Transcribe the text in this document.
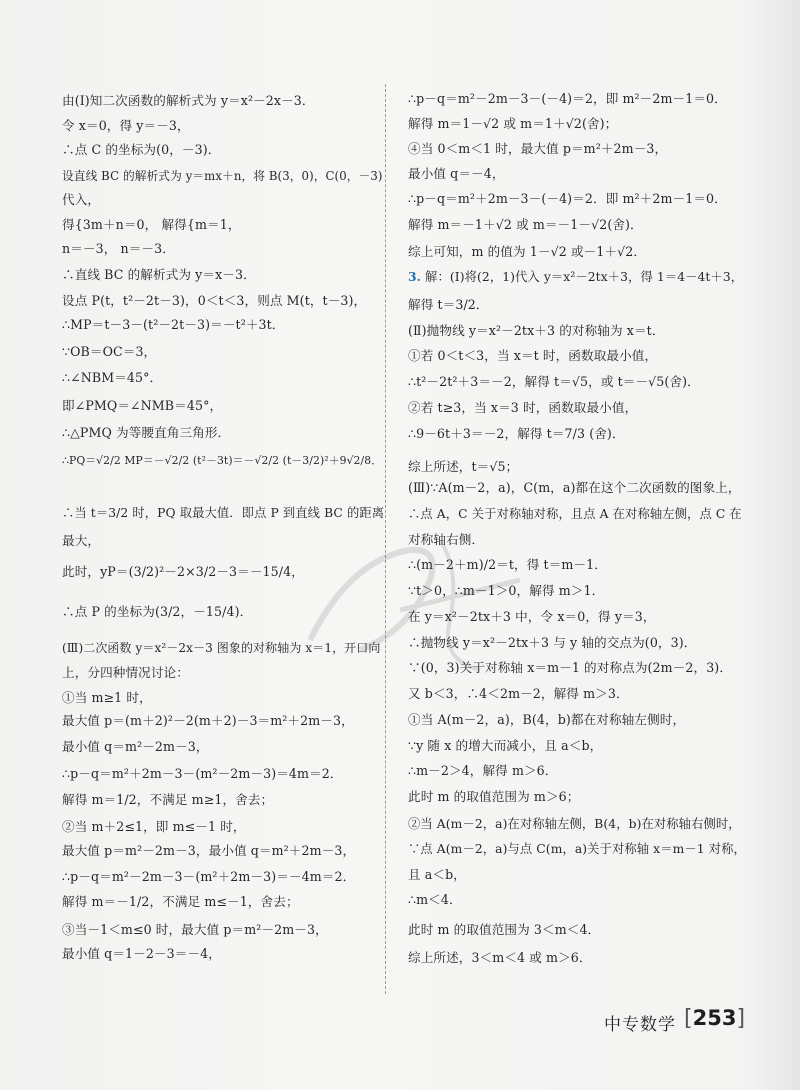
由(Ⅰ)知二次函数的解析式为 y＝x²－2x－3．
令 x＝0，得 y＝－3，
∴点 C 的坐标为(0，－3)．
设直线 BC 的解析式为 y＝mx＋n，将 B(3，0)，C(0，－3)
代入，
得{3m＋n＝0， 解得{m＝1，
n＝－3， n＝－3．
∴直线 BC 的解析式为 y＝x－3．
设点 P(t，t²－2t－3)，0＜t＜3，则点 M(t，t－3)，
∴MP＝t－3－(t²－2t－3)＝－t²＋3t．
∵OB＝OC＝3，
∴∠NBM＝45°．
即∠PMQ＝∠NMB＝45°，
∴△PMQ 为等腰直角三角形．
∴PQ＝√2/2 MP＝－√2/2 (t²－3t)＝－√2/2 (t－3/2)²＋9√2/8．
∴当 t＝3/2 时，PQ 取最大值．即点 P 到直线 BC 的距离
最大，
此时，yP＝(3/2)²－2×3/2－3＝－15/4，
∴点 P 的坐标为(3/2，－15/4)．
(Ⅲ)二次函数 y＝x²－2x－3 图象的对称轴为 x＝1，开口向
上，分四种情况讨论：
①当 m≥1 时，
最大值 p＝(m＋2)²－2(m＋2)－3＝m²＋2m－3，
最小值 q＝m²－2m－3，
∴p－q＝m²＋2m－3－(m²－2m－3)＝4m＝2．
解得 m＝1/2，不满足 m≥1，舍去；
②当 m＋2≤1，即 m≤－1 时，
最大值 p＝m²－2m－3，最小值 q＝m²＋2m－3，
∴p－q＝m²－2m－3－(m²＋2m－3)＝－4m＝2．
解得 m＝－1/2，不满足 m≤－1，舍去；
③当－1＜m≤0 时，最大值 p＝m²－2m－3，
最小值 q＝1－2－3＝－4，
∴p－q＝m²－2m－3－(－4)＝2，即 m²－2m－1＝0．
解得 m＝1－√2 或 m＝1＋√2(舍)；
④当 0＜m＜1 时，最大值 p＝m²＋2m－3，
最小值 q＝－4，
∴p－q＝m²＋2m－3－(－4)＝2．即 m²＋2m－1＝0．
解得 m＝－1＋√2 或 m＝－1－√2(舍)．
综上可知，m 的值为 1－√2 或－1＋√2．
3. 解：(Ⅰ)将(2，1)代入 y＝x²－2tx＋3，得 1＝4－4t＋3，
解得 t＝3/2．
(Ⅱ)抛物线 y＝x²－2tx＋3 的对称轴为 x＝t．
①若 0＜t＜3，当 x＝t 时，函数取最小值，
∴t²－2t²＋3＝－2，解得 t＝√5，或 t＝－√5(舍)．
②若 t≥3，当 x＝3 时，函数取最小值，
∴9－6t＋3＝－2，解得 t＝7/3 (舍)．
综上所述，t＝√5；
(Ⅲ)∵A(m－2，a)，C(m，a)都在这个二次函数的图象上，
∴点 A，C 关于对称轴对称，且点 A 在对称轴左侧，点 C 在
对称轴右侧．
∴(m－2＋m)/2＝t，得 t＝m－1．
∵t＞0，∴m－1＞0，解得 m＞1．
在 y＝x²－2tx＋3 中，令 x＝0，得 y＝3，
∴抛物线 y＝x²－2tx＋3 与 y 轴的交点为(0，3)．
∵(0，3)关于对称轴 x＝m－1 的对称点为(2m－2，3)．
又 b＜3，∴4＜2m－2，解得 m＞3．
①当 A(m－2，a)，B(4，b)都在对称轴左侧时，
∵y 随 x 的增大而减小，且 a＜b，
∴m－2＞4，解得 m＞6．
此时 m 的取值范围为 m＞6；
②当 A(m－2，a)在对称轴左侧，B(4，b)在对称轴右侧时，
∵点 A(m－2，a)与点 C(m，a)关于对称轴 x＝m－1 对称，
且 a＜b，
∴m＜4．
此时 m 的取值范围为 3＜m＜4．
综上所述，3＜m＜4 或 m＞6．
中专数学 [253]
